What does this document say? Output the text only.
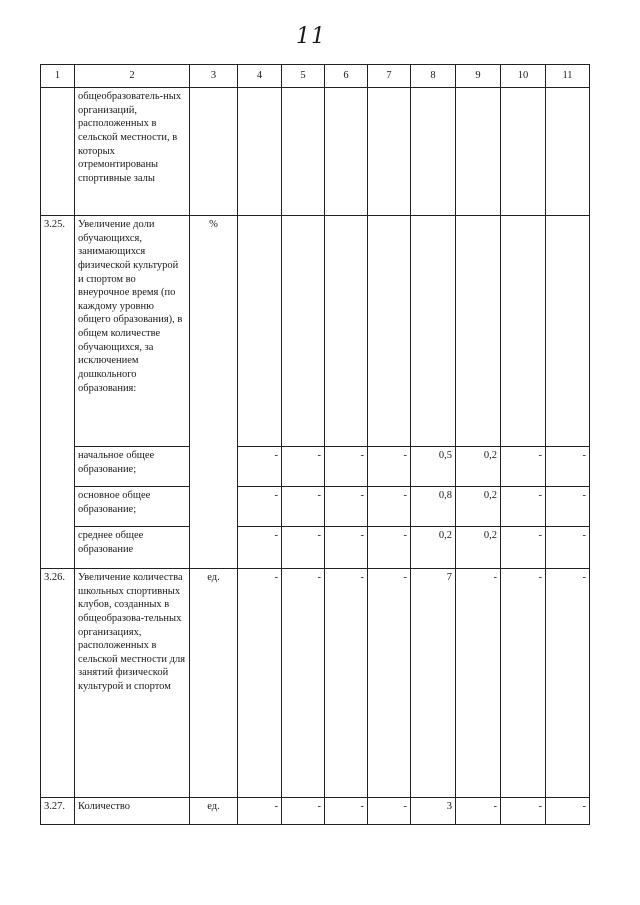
11
1	2	3	4	5	6	7	8	9	10	11
	общеобразователь-ных организаций, расположенных в сельской местности, в которых отремонтированы спортивные залы									
3.25.	Увеличение доли обучающихся, занимающихся физической культурой и спортом во внеурочное время (по каждому уровню общего образования), в общем количестве обучающихся, за исключением дошкольного образования:	%								
	начальное общее образование;		-	-	-	-	0,5	0,2	-	-
	основное общее образование;		-	-	-	-	0,8	0,2	-	-
	среднее общее образование		-	-	-	-	0,2	0,2	-	-
3.26.	Увеличение количества школьных спортивных клубов, созданных в общеобразова-тельных организациях, расположенных в сельской местности для занятий физической культурой и спортом	ед.	-	-	-	-	7	-	-	-
3.27.	Количество	ед.	-	-	-	-	3	-	-	-
